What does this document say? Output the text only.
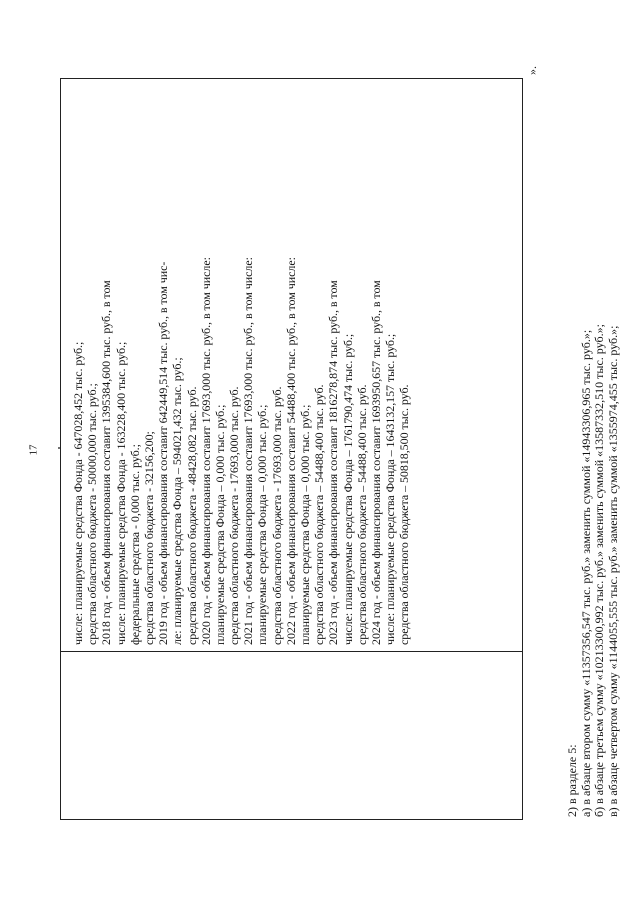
17	числе: планируемые средства Фонда - 647028,452 тыс. руб.; средства областного бюджета - 50000,000 тыс. руб.; 2018 год - объем финансирования составит 1395384,600 тыс. руб., в том числе: планируемые средства Фонда - 163228,400 тыс. руб.; федеральные средства - 0,000 тыс. руб.; средства областного бюджета - 32156,200; 2019 год - объем финансирования составит 642449,514 тыс. руб., в том чис- ле: планируемые средства Фонда – 594021,432 тыс. руб.; средства областного бюджета - 48428,082 тыс. руб. 2020 год - объем финансирования составит 17693,000 тыс. руб., в том числе: планируемые средства Фонда – 0,000 тыс. руб.; средства областного бюджета - 17693,000 тыс. руб. 2021 год - объем финансирования составит 17693,000 тыс. руб., в том числе: планируемые средства Фонда – 0,000 тыс. руб.; средства областного бюджета - 17693,000 тыс. руб. 2022 год - объем финансирования составит 54488,400 тыс. руб., в том числе: планируемые средства Фонда – 0,000 тыс. руб.; средства областного бюджета – 54488,400 тыс. руб. 2023 год - объем финансирования составит 1816278,874 тыс. руб., в том числе: планируемые средства Фонда – 1761790,474 тыс. руб.; средства областного бюджета – 54488,400 тыс. руб. 2024 год - объем финансирования составит 1693950,657 тыс. руб., в том числе: планируемые средства Фонда – 1643132,157 тыс. руб.; средства областного бюджета – 50818,500 тыс. руб.
».
2) в разделе 5: а) в абзаце втором сумму «11357356,547 тыс. руб.» заменить суммой «14943306,965 тыс. руб.»; б) в абзаце третьем сумму «10213300,992 тыс. руб.» заменить суммой «13587332,510 тыс. руб.»; в) в абзаце четвертом сумму «1144055,555 тыс. руб.» заменить суммой «1355974,455 тыс. руб.»;
